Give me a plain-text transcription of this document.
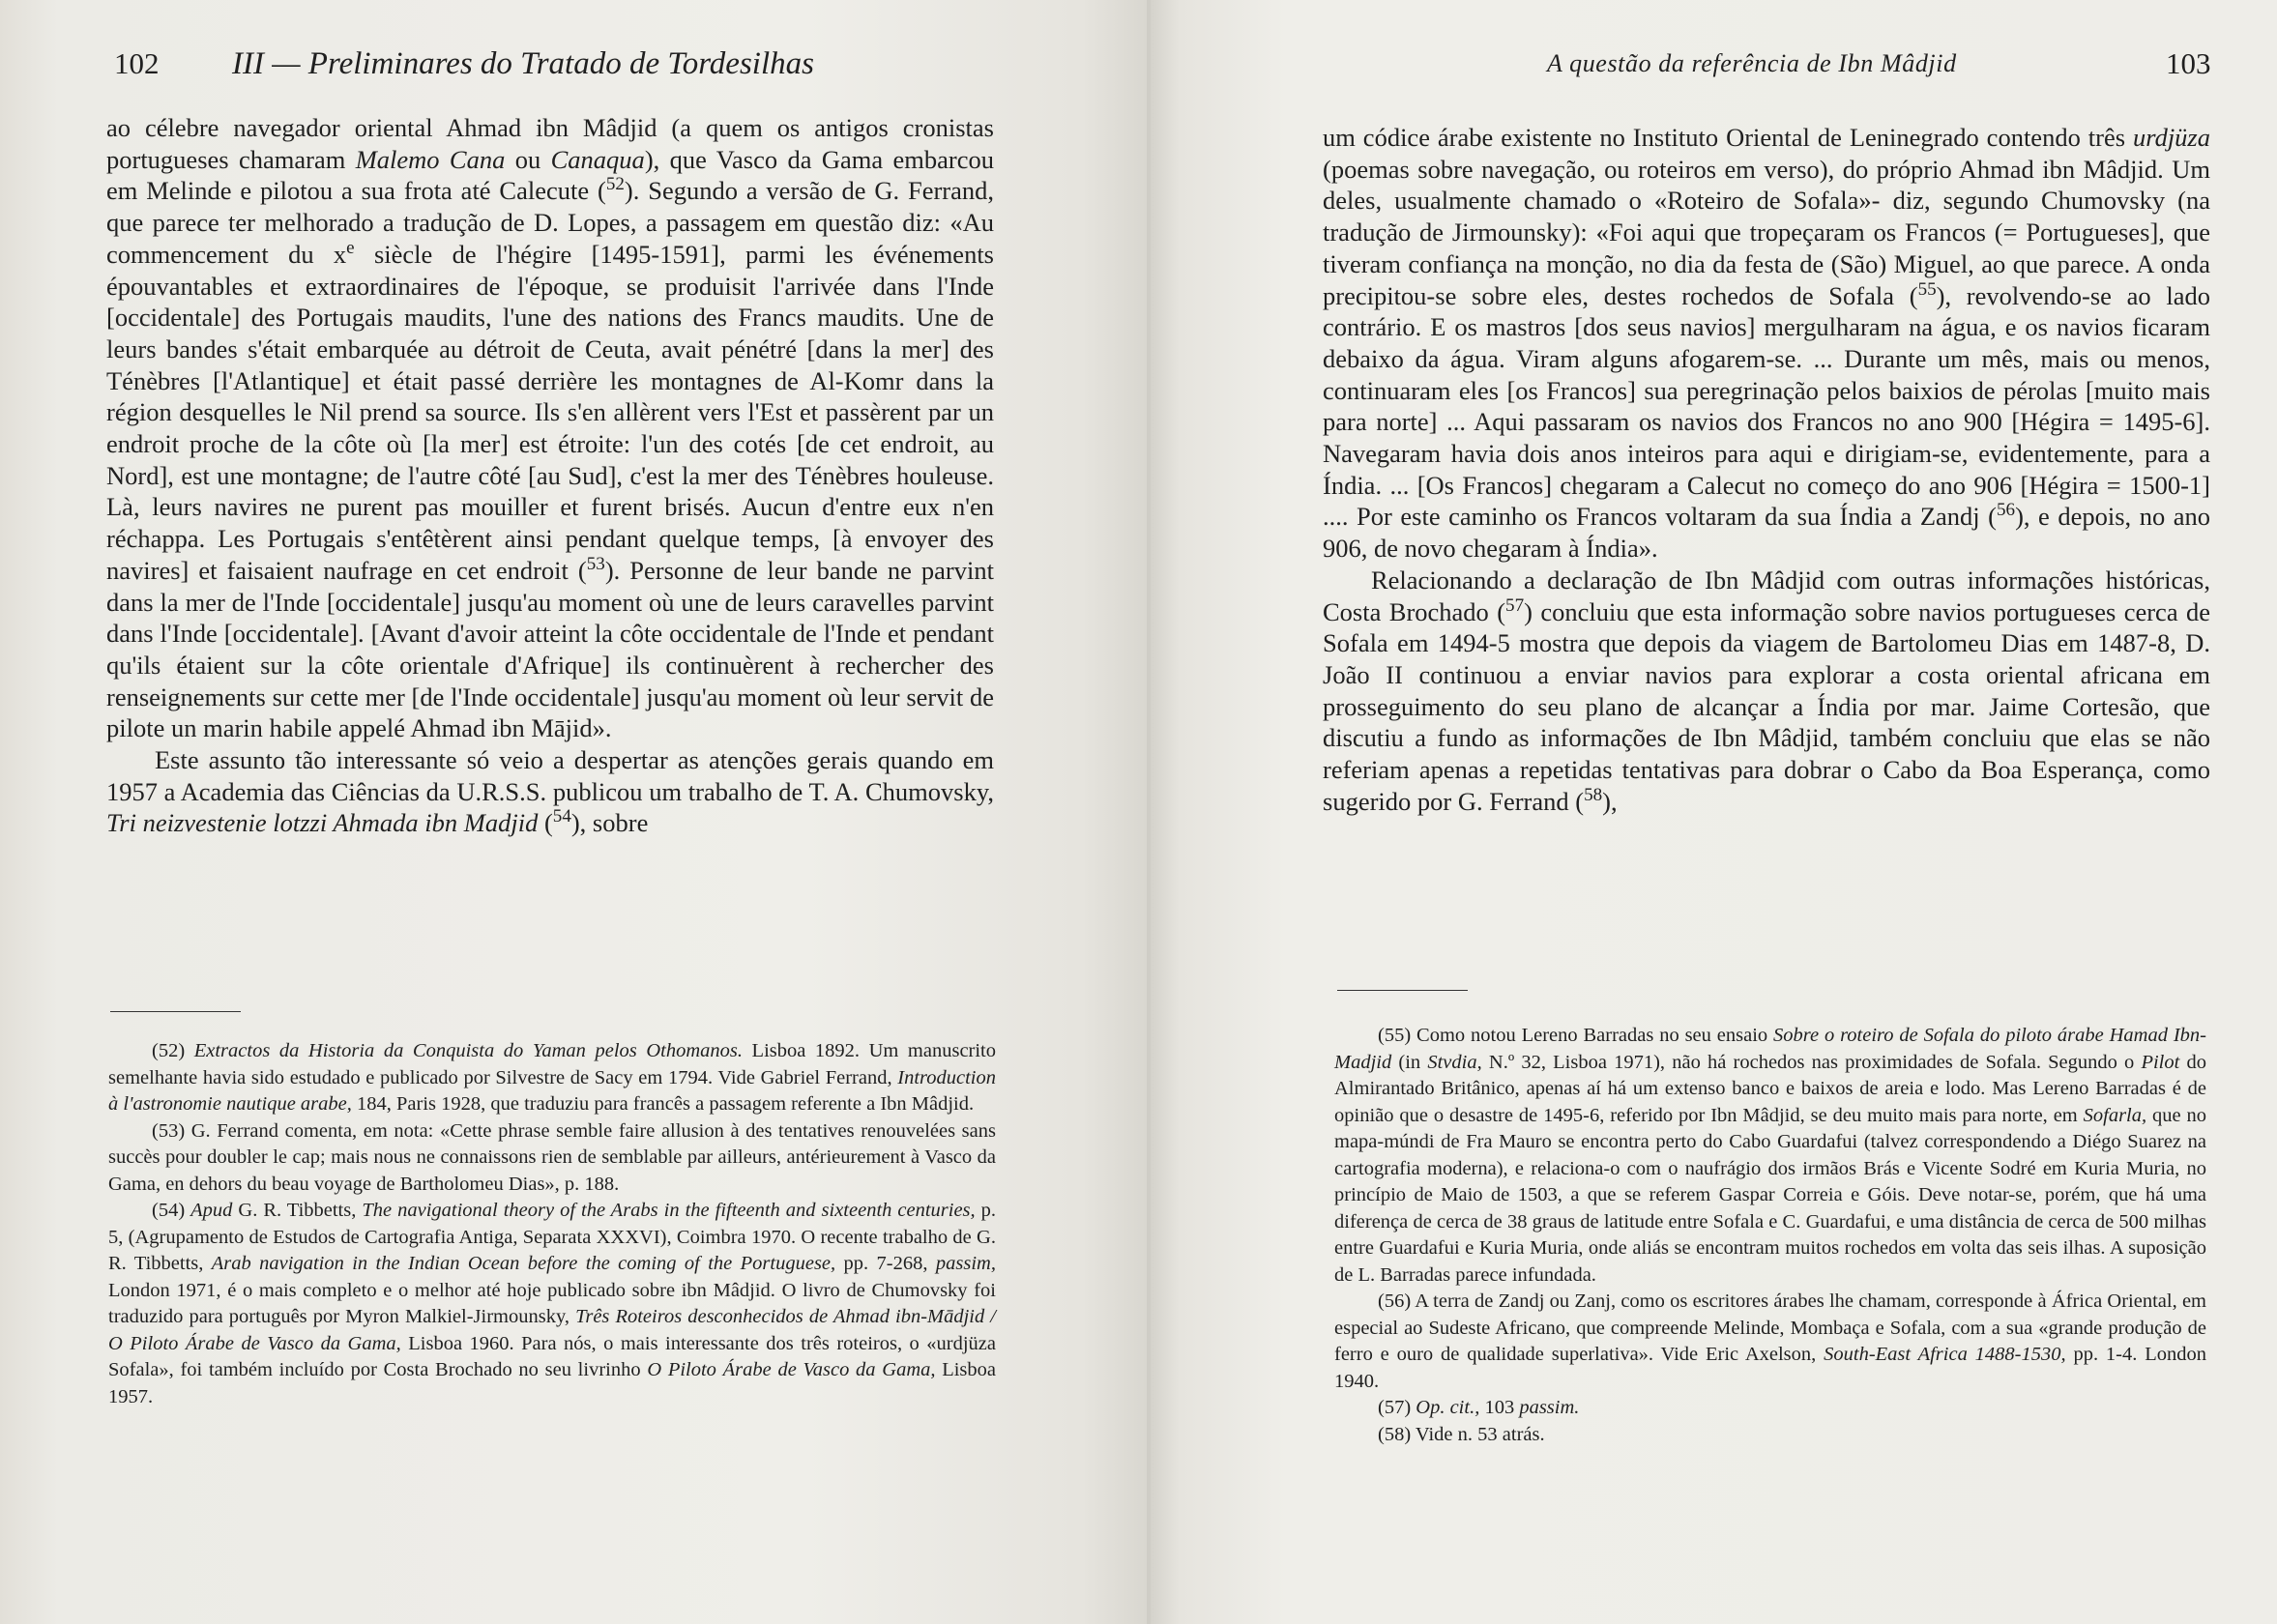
102 III — Preliminares do Tratado de Tordesilhas

ao célebre navegador oriental Ahmad ibn Mâdjid (a quem os antigos cronistas portugueses chamaram Malemo Cana ou Canaqua), que Vasco da Gama embarcou em Melinde e pilotou a sua frota até Calecute ($^{52}$). Segundo a versão de G. Ferrand, que parece ter melhorado a tradução de D. Lopes, a passagem em questão diz: «Au commencement du x$^e$ siècle de l'hégire [1495-1591], parmi les événements épouvantables et extraordinaires de l'époque, se produisit l'arrivée dans l'Inde [occidentale] des Portugais maudits, l'une des nations des Francs maudits. Une de leurs bandes s'était embarquée au détroit de Ceuta, avait pénétré [dans la mer] des Ténèbres [l'Atlantique] et était passé derrière les montagnes de Al-Komr dans la région desquelles le Nil prend sa source. Ils s'en allèrent vers l'Est et passèrent par un endroit proche de la côte où [la mer] est étroite: l'un des cotés [de cet endroit, au Nord], est une montagne; de l'autre côté [au Sud], c'est la mer des Ténèbres houleuse. Là, leurs navires ne purent pas mouiller et furent brisés. Aucun d'entre eux n'en réchappa. Les Portugais s'entêtèrent ainsi pendant quelque temps, [à envoyer des navires] et faisaient naufrage en cet endroit ($^{53}$). Personne de leur bande ne parvint dans la mer de l'Inde [occidentale] jusqu'au moment où une de leurs caravelles parvint dans l'Inde [occidentale]. [Avant d'avoir atteint la côte occidentale de l'Inde et pendant qu'ils étaient sur la côte orientale d'Afrique] ils continuèrent à rechercher des renseignements sur cette mer [de l'Inde occidentale] jusqu'au moment où leur servit de pilote un marin habile appelé Ahmad ibn Mājid».

Este assunto tão interessante só veio a despertar as atenções gerais quando em 1957 a Academia das Ciências da U.R.S.S. publicou um trabalho de T. A. Chumovsky, Tri neizvestenie lotzzi Ahmada ibn Madjid ($^{54}$), sobre

(52) Extractos da Historia da Conquista do Yaman pelos Othomanos. Lisboa 1892. Um manuscrito semelhante havia sido estudado e publicado por Silvestre de Sacy em 1794. Vide Gabriel Ferrand, Introduction à l'astronomie nautique arabe, 184, Paris 1928, que traduziu para francês a passagem referente a Ibn Mâdjid.

(53) G. Ferrand comenta, em nota: «Cette phrase semble faire allusion à des tentatives renouvelées sans succès pour doubler le cap; mais nous ne connaissons rien de semblable par ailleurs, antérieurement à Vasco da Gama, en dehors du beau voyage de Bartholomeu Dias», p. 188.

(54) Apud G. R. Tibbetts, The navigational theory of the Arabs in the fifteenth and sixteenth centuries, p. 5, (Agrupamento de Estudos de Cartografia Antiga, Separata XXXVI), Coimbra 1970. O recente trabalho de G. R. Tibbetts, Arab navigation in the Indian Ocean before the coming of the Portuguese, pp. 7-268, passim, London 1971, é o mais completo e o melhor até hoje publicado sobre ibn Mâdjid. O livro de Chumovsky foi traduzido para português por Myron Malkiel-Jirmounsky, Três Roteiros desconhecidos de Ahmad ibn-Mādjid / O Piloto Árabe de Vasco da Gama, Lisboa 1960. Para nós, o mais interessante dos três roteiros, o «urdjüza Sofala», foi também incluído por Costa Brochado no seu livrinho O Piloto Árabe de Vasco da Gama, Lisboa 1957.

A questão da referência de Ibn Mâdjid	103

um códice árabe existente no Instituto Oriental de Leninegrado contendo três urdjüza (poemas sobre navegação, ou roteiros em verso), do próprio Ahmad ibn Mâdjid. Um deles, usualmente chamado o «Roteiro de Sofala»- diz, segundo Chumovsky (na tradução de Jirmounsky): «Foi aqui que tropeçaram os Francos (= Portugueses], que tiveram confiança na monção, no dia da festa de (São) Miguel, ao que parece. A onda precipitou-se sobre eles, destes rochedos de Sofala ($^{55}$), revolvendo-se ao lado contrário. E os mastros [dos seus navios] mergulharam na água, e os navios ficaram debaixo da água. Viram alguns afogarem-se. ... Durante um mês, mais ou menos, continuaram eles [os Francos] sua peregrinação pelos baixios de pérolas [muito mais para norte] ... Aqui passaram os navios dos Francos no ano 900 [Hégira = 1495-6]. Navegaram havia dois anos inteiros para aqui e dirigiam-se, evidentemente, para a Índia. ... [Os Francos] chegaram a Calecut no começo do ano 906 [Hégira = 1500-1] .... Por este caminho os Francos voltaram da sua Índia a Zandj ($^{56}$), e depois, no ano 906, de novo chegaram à Índia».

Relacionando a declaração de Ibn Mâdjid com outras informações históricas, Costa Brochado ($^{57}$) concluiu que esta informação sobre navios portugueses cerca de Sofala em 1494-5 mostra que depois da viagem de Bartolomeu Dias em 1487-8, D. João II continuou a enviar navios para explorar a costa oriental africana em prosseguimento do seu plano de alcançar a Índia por mar. Jaime Cortesão, que discutiu a fundo as informações de Ibn Mâdjid, também concluiu que elas se não referiam apenas a repetidas tentativas para dobrar o Cabo da Boa Esperança, como sugerido por G. Ferrand ($^{58}$),

(55) Como notou Lereno Barradas no seu ensaio Sobre o roteiro de Sofala do piloto árabe Hamad Ibn-Madjid (in Stvdia, N.º 32, Lisboa 1971), não há rochedos nas proximidades de Sofala. Segundo o Pilot do Almirantado Britânico, apenas aí há um extenso banco e baixos de areia e lodo. Mas Lereno Barradas é de opinião que o desastre de 1495-6, referido por Ibn Mâdjid, se deu muito mais para norte, em Sofarla, que no mapa-múndi de Fra Mauro se encontra perto do Cabo Guardafui (talvez correspondendo a Diégo Suarez na cartografia moderna), e relaciona-o com o naufrágio dos irmãos Brás e Vicente Sodré em Kuria Muria, no princípio de Maio de 1503, a que se referem Gaspar Correia e Góis. Deve notar-se, porém, que há uma diferença de cerca de 38 graus de latitude entre Sofala e C. Guardafui, e uma distância de cerca de 500 milhas entre Guardafui e Kuria Muria, onde aliás se encontram muitos rochedos em volta das seis ilhas. A suposição de L. Barradas parece infundada.

(56) A terra de Zandj ou Zanj, como os escritores árabes lhe chamam, corresponde à África Oriental, em especial ao Sudeste Africano, que compreende Melinde, Mombaça e Sofala, com a sua «grande produção de ferro e ouro de qualidade superlativa». Vide Eric Axelson, South-East Africa 1488-1530, pp. 1-4. London 1940.

(57) Op. cit., 103 passim.

(58) Vide n. 53 atrás.
